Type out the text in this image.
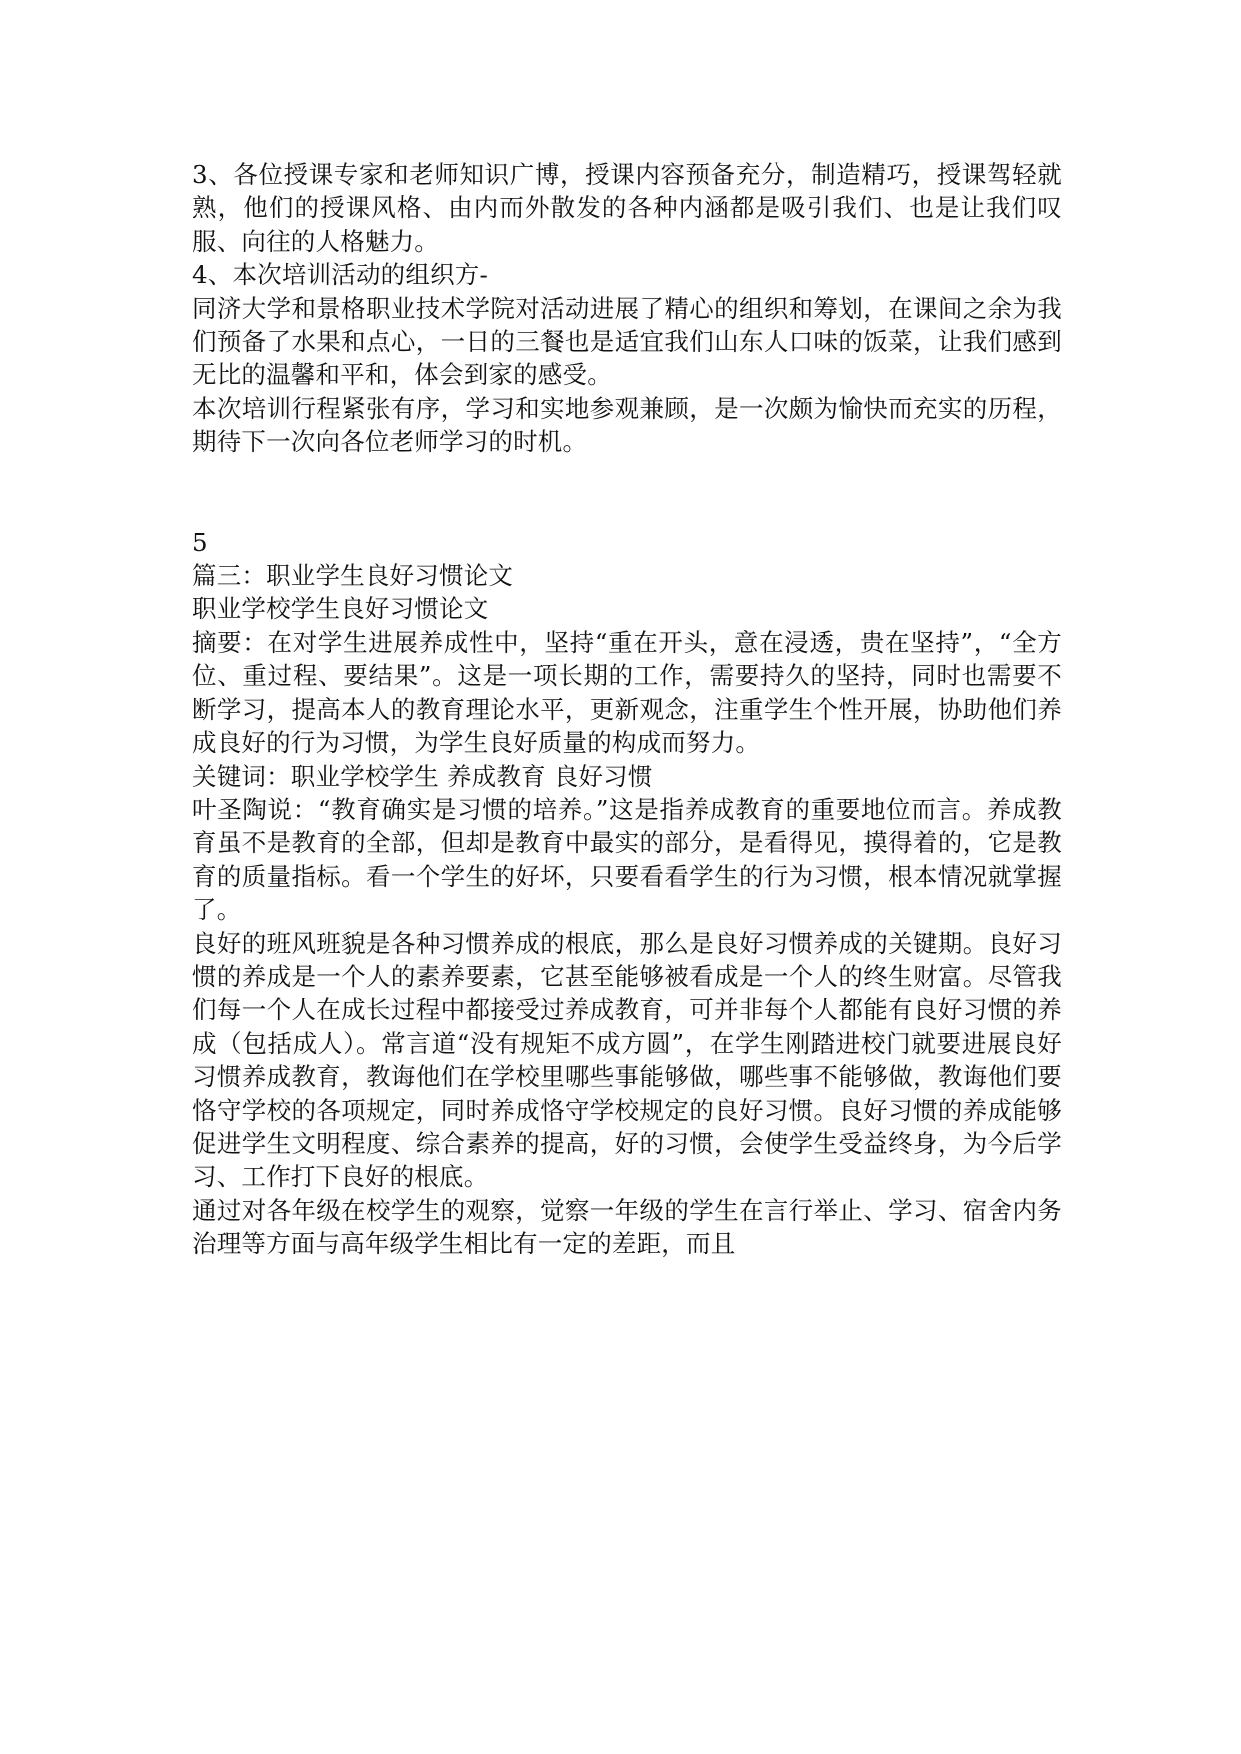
3、各位授课专家和老师知识广博，授课内容预备充分，制造精巧，授课驾轻就熟，他们的授课风格、由内而外散发的各种内涵都是吸引我们、也是让我们叹服、向往的人格魅力。

4、本次培训活动的组织方-

同济大学和景格职业技术学院对活动进展了精心的组织和筹划，在课间之余为我们预备了水果和点心，一日的三餐也是适宜我们山东人口味的饭菜，让我们感到无比的温馨和平和，体会到家的感受。

本次培训行程紧张有序，学习和实地参观兼顾，是一次颇为愉快而充实的历程，期待下一次向各位老师学习的时机。

5

篇三：职业学生良好习惯论文

职业学校学生良好习惯论文

摘要：在对学生进展养成性中，坚持“重在开头，意在浸透，贵在坚持”，“全方位、重过程、要结果”。这是一项长期的工作，需要持久的坚持，同时也需要不断学习，提高本人的教育理论水平，更新观念，注重学生个性开展，协助他们养成良好的行为习惯，为学生良好质量的构成而努力。

关键词：职业学校学生 养成教育 良好习惯

叶圣陶说：“教育确实是习惯的培养。”这是指养成教育的重要地位而言。养成教育虽不是教育的全部，但却是教育中最实的部分，是看得见，摸得着的，它是教育的质量指标。看一个学生的好坏，只要看看学生的行为习惯，根本情况就掌握了。

良好的班风班貌是各种习惯养成的根底，那么是良好习惯养成的关键期。良好习惯的养成是一个人的素养要素，它甚至能够被看成是一个人的终生财富。尽管我们每一个人在成长过程中都接受过养成教育，可并非每个人都能有良好习惯的养成（包括成人）。常言道“没有规矩不成方圆”，在学生刚踏进校门就要进展良好习惯养成教育，教诲他们在学校里哪些事能够做，哪些事不能够做，教诲他们要恪守学校的各项规定，同时养成恪守学校规定的良好习惯。良好习惯的养成能够促进学生文明程度、综合素养的提高，好的习惯，会使学生受益终身，为今后学习、工作打下良好的根底。

通过对各年级在校学生的观察，觉察一年级的学生在言行举止、学习、宿舍内务治理等方面与高年级学生相比有一定的差距，而且
